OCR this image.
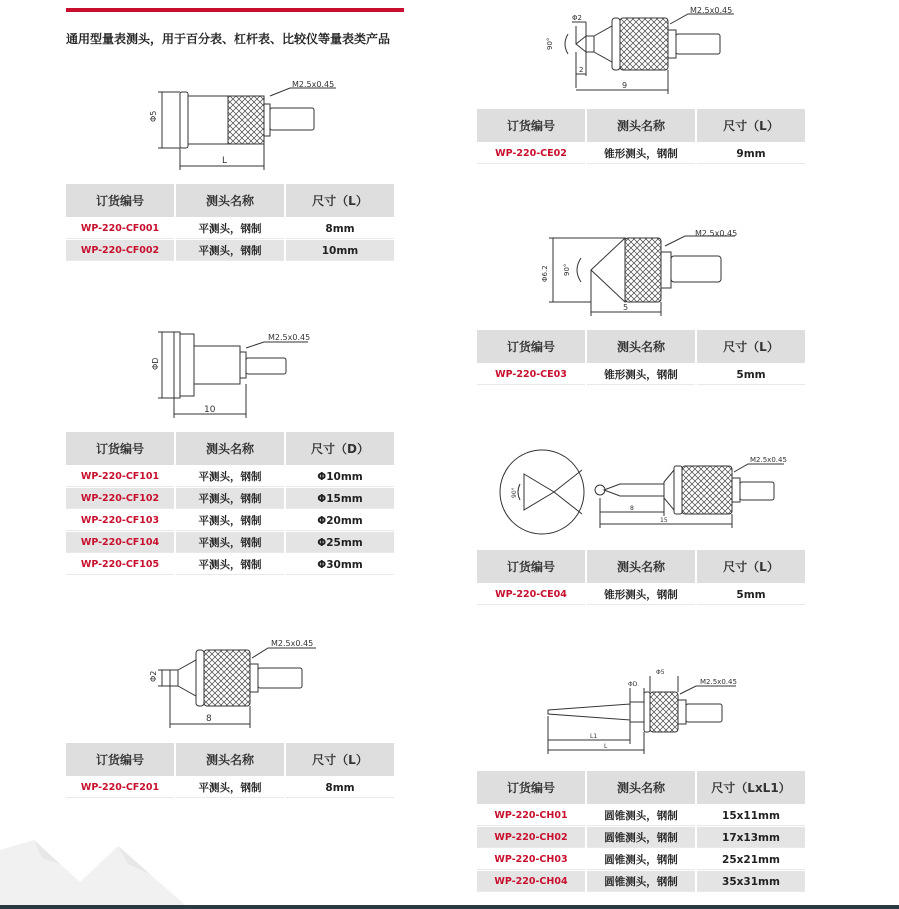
通用型量表测头，用于百分表、杠杆表、比较仪等量表类产品
M2.5x0.45
Φ5
L
订货编号	测头名称	尺寸（L）
WP-220-CF001	平测头，钢制	8mm
WP-220-CF002	平测头，钢制	10mm
M2.5x0.45
ΦD
10
订货编号	测头名称	尺寸（D）
WP-220-CF101	平测头，钢制	Φ10mm
WP-220-CF102	平测头，钢制	Φ15mm
WP-220-CF103	平测头，钢制	Φ20mm
WP-220-CF104	平测头，钢制	Φ25mm
WP-220-CF105	平测头，钢制	Φ30mm
M2.5x0.45
Φ2
8
订货编号	测头名称	尺寸（L）
WP-220-CF201	平测头，钢制	8mm
M2.5x0.45
Φ2
90°
2
9
订货编号	测头名称	尺寸（L）
WP-220-CE02	锥形测头，钢制	9mm
M2.5x0.45
Φ6.2 90°
5
订货编号	测头名称	尺寸（L）
WP-220-CE03	锥形测头，钢制	5mm
M2.5x0.45
90°
8
15
订货编号	测头名称	尺寸（L）
WP-220-CE04	锥形测头，钢制	5mm
M2.5x0.45
ΦD
Φ5
L1
L
订货编号	测头名称	尺寸（LxL1）
WP-220-CH01	圆锥测头，钢制	15x11mm
WP-220-CH02	圆锥测头，钢制	17x13mm
WP-220-CH03	圆锥测头，钢制	25x21mm
WP-220-CH04	圆锥测头，钢制	35x31mm
